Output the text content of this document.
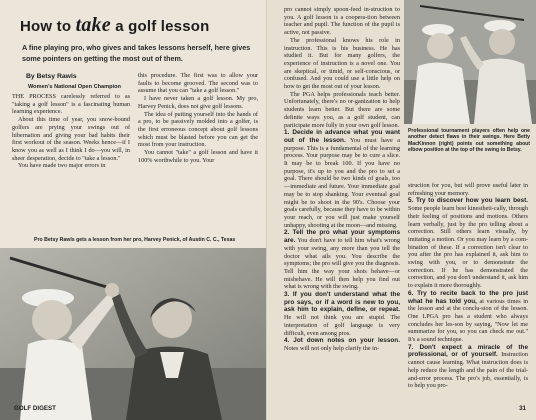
How to take a golf lesson
A fine playing pro, who gives and takes lessons herself, here gives some pointers on getting the most out of them.
By Betsy Rawls
Women's National Open Champion

THE PROCESS carelessly referred to as "taking a golf lesson" is a fascinating human learning experience.

About this time of year, you snow-bound golfers are prying your swings out of hibernation and giving your bad habits their first workout of the season. Weeks hence—if I know you as well as I think I do—you will, in sheer desperation, decide to "take a lesson."

You have made two major errors in

this procedure. The first was to allow your faults to become grooved. The second was to assume that you can "take a golf lesson."

I have never taken a golf lesson. My pro, Harvey Penick, does not give golf lessons.

The idea of putting yourself into the hands of a pro, to be passively molded into a golfer, is the first erroneous concept about golf lessons which must be blasted before you can get the most from your instruction.

You cannot "take" a golf lesson and have it 100% worthwhile to you. Your

Pro Betsy Rawls gets a lesson from her pro, Harvey Penick, of Austin C. C., Texas
GOLF DIGEST

pro cannot simply spoon-feed in-struction to you. A golf lesson is a coopera-tion between teacher and pupil. The function of the pupil is active, not passive.

The professional knows his role in instruction. This is his business. He has studied it. But for many golfers, the experience of instruction is a novel one. You are skeptical, or timid, or self-conscious, or confused. And you could use a little help on how to get the most out of your lesson.

The PGA helps professionals teach better. Unfortunately, there's no or-ganization to help students learn better. But there are some definite ways you, as a golf student, can participate more fully in your own golf lesson.

1. Decide in advance what you want out of the lesson. You must have a purpose. This is a fundamental of the learning process. Your purpose may be to cure a slice. It may be to break 100. If you have no purpose, it's up to you and the pro to set a goal. There should be two kinds of goals, too—immediate and future. Your immediate goal may be to stop shanking. Your eventual goal might be to shoot in the 90's. Choose your goals carefully, because they have to be within your reach, or you will just make yourself unhappy, shooting at the moon—and missing.

2. Tell the pro what your symptoms are. You don't have to tell him what's wrong with your swing, any more than you tell the doctor what ails you. You describe the symptoms; the pro will give you the diagnosis. Tell him the way your shots behave—or misbehave. He will then help you find out what is wrong with the swing.

3. If you don't understand what the pro says, or if a word is new to you, ask him to explain, define, or repeat. He will not think you are stupid. The interpretation of golf language is very difficult, even among pros.

4. Jot down notes on your lesson. Notes will not only help clarify the in-

Professional tournament players often help one another detect flaws in their swings. Here Betty MacKinnon (right) points out something about elbow position at the top of the swing to Betsy.

struction for you, but will prove useful later in refreshing your memory.

5. Try to discover how you learn best. Some people learn best kinestheti-cally, through their feeling of positions and motions. Others learn verbally, just by the pro telling about a correction. Still others learn visually, by imitating a motion. Or you may learn by a com-bination of these. If a correction isn't clear to you after the pro has explained it, ask him to swing with you, or to demonstrate the correction. If he has demonstrated the correction, and you don't understand it, ask him to explain it more thoroughly.

6. Try to recite back to the pro just what he has told you, at various times in the lesson and at the conclu-sion of the lesson. One LPGA pro has a student who always concludes her les-son by saying, "Now let me summarize for you, so you can check me out." It's a sound technique.

7. Don't expect a miracle of the professional, or of yourself. Instruction cannot cause learning. What instruction does is help reduce the length and the pain of the trial-and-error process. The pro's job, essentially, is to help you pro-

31
